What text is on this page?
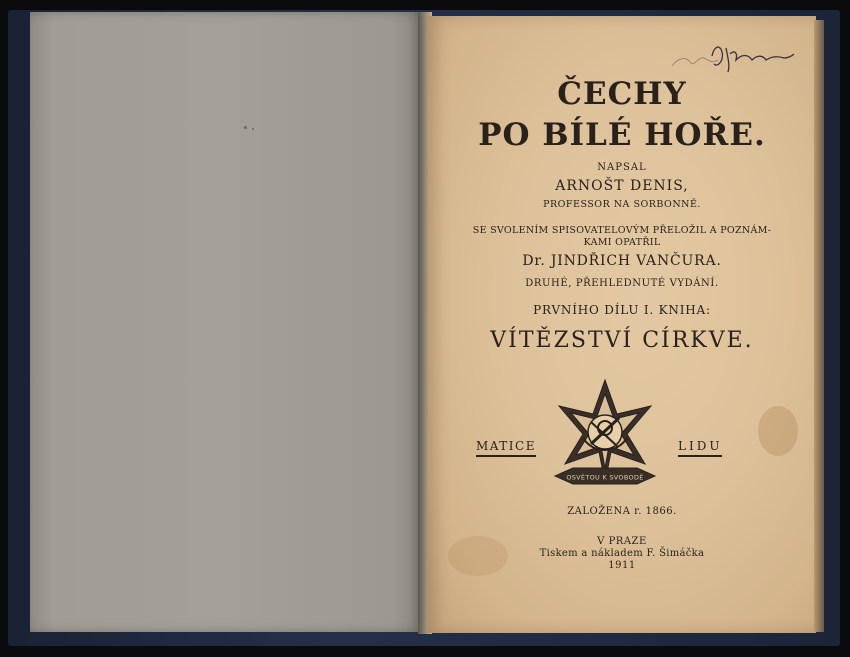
ČECHY

PO BÍLÉ HOŘE.

NAPSAL

ARNOŠT DENIS,

PROFESSOR NA SORBONNĚ.

SE SVOLENÍM SPISOVATELOVÝM PŘELOŽIL A POZNÁM-

KAMI OPATŘIL

Dr. JINDŘICH VANČURA.

DRUHÉ, PŘEHLEDNUTÉ VYDÁNÍ.

PRVNÍHO DÍLU I. KNIHA:

VÍTĚZSTVÍ CÍRKVE.

MATICE	LIDU

OSVĚTOU K SVOBODĚ

ZALOŽENA r. 1866.

V PRAZE

Tiskem a nákladem F. Šimáčka

1911
